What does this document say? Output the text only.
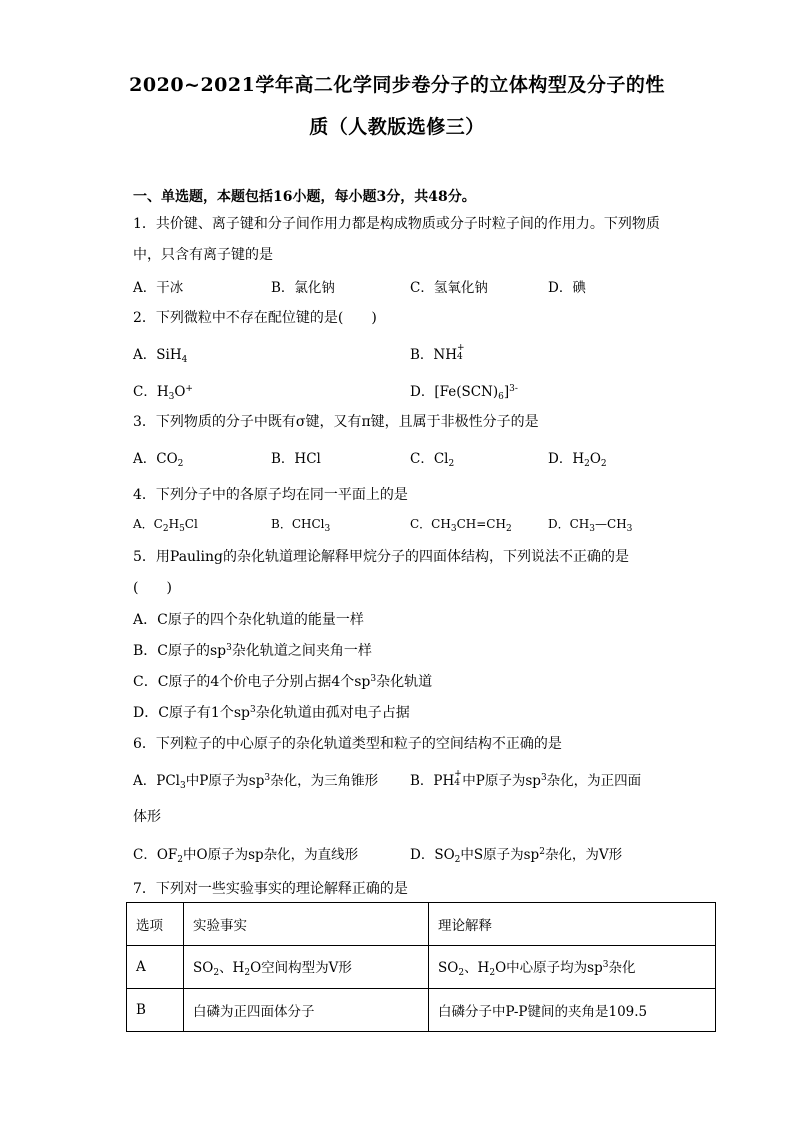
2020~2021学年高二化学同步卷分子的立体构型及分子的性
质（人教版选修三）
一、单选题，本题包括16小题，每小题3分，共48分。
1．共价键、离子键和分子间作用力都是构成物质或分子时粒子间的作用力。下列物质
中，只含有离子键的是
A．干冰	B．氯化钠	C．氢氧化钠	D．碘
2．下列微粒中不存在配位键的是(　　)
A．SiH$_4$	B．NH +
4
C．$H_3O^+$	D．$[Fe(SCN)_6]^{3-}$
3．下列物质的分子中既有σ键，又有π键，且属于非极性分子的是
A．$CO_2$	B．HCl	C．$Cl_2$	D．$H_2O_2$
4．下列分子中的各原子均在同一平面上的是
A．$C_2H_5Cl$	B．CHCl$_3$	C．$CH_3CH=CH_2$	D．$CH_3—CH_3$
5．用Pauling的杂化轨道理论解释甲烷分子的四面体结构，下列说法不正确的是
(　　)
A．C原子的四个杂化轨道的能量一样
B．C原子的$sp^3$杂化轨道之间夹角一样
C．C原子的4个价电子分别占据4个$sp^3$杂化轨道
D．C原子有1个$sp^3$杂化轨道由孤对电子占据
6．下列粒子的中心原子的杂化轨道类型和粒子的空间结构不正确的是
A．PCl$_3$中P原子为$sp^3$杂化，为三角锥形 B．PH +
4 中P原子为$sp^3$杂化，为正四面
体形
C．$OF_2$中O原子为sp杂化，为直线形	D．$SO_2$中S原子为$sp^2$杂化，为V形
7．下列对一些实验事实的理论解释正确的是
选项	实验事实	理论解释
A	$SO_2$、$H_2O$空间构型为V形	$SO_2$、$H_2O$中心原子均为$sp^3$杂化
B	白磷为正四面体分子	白磷分子中P-P键间的夹角是109.5
